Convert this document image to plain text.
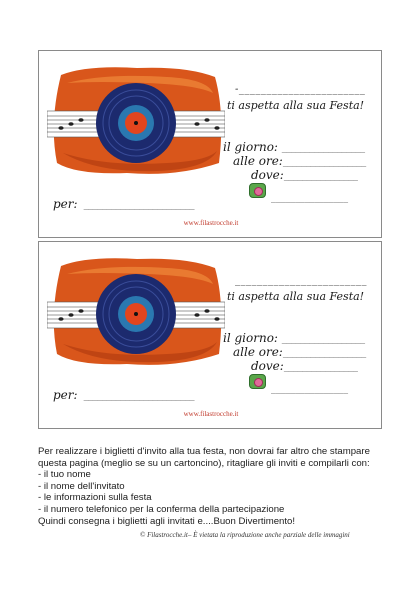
-_______________________
ti aspetta alla sua Festa!
il giorno: __________________
alle ore:__________________
dove:________________
________________
per: ________________________
www.filastrocche.it
________________________
ti aspetta alla sua Festa!
il giorno: __________________
alle ore:__________________
dove:________________
________________
per: ________________________
www.filastrocche.it

Per realizzare i biglietti d'invito alla tua festa, non dovrai far altro che stampare questa pagina (meglio se su un cartoncino), ritagliare gli inviti e compilarli con:

- il tuo nome

- il nome dell'invitato

- le informazioni sulla festa

- il numero telefonico per la conferma della partecipazione

Quindi consegna i biglietti agli invitati e....Buon Divertimento!

© Filastrocche.it– È vietata la riproduzione anche parziale delle immagini
